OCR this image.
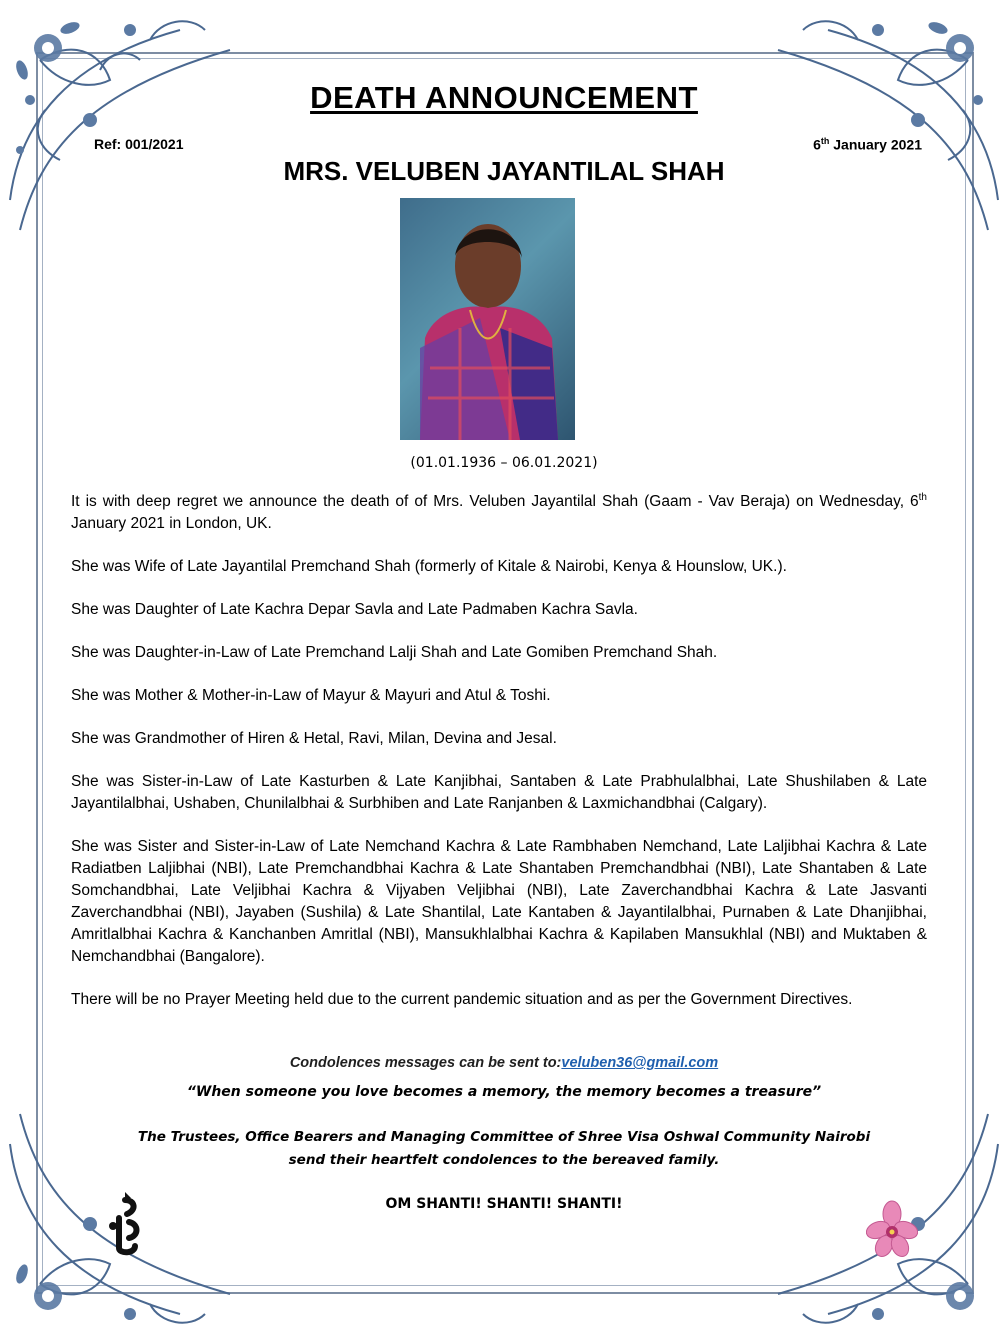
DEATH ANNOUNCEMENT
Ref: 001/2021	6th January 2021
MRS. VELUBEN JAYANTILAL SHAH
(01.01.1936 – 06.01.2021)

It is with deep regret we announce the death of of Mrs. Veluben Jayantilal Shah (Gaam - Vav Beraja) on Wednesday, 6th January 2021 in London, UK.

She was Wife of Late Jayantilal Premchand Shah (formerly of Kitale & Nairobi, Kenya & Hounslow, UK.).

She was Daughter of Late Kachra Depar Savla and Late Padmaben Kachra Savla.

She was Daughter-in-Law of Late Premchand Lalji Shah and Late Gomiben Premchand Shah.

She was Mother & Mother-in-Law of Mayur & Mayuri and Atul & Toshi.

She was Grandmother of Hiren & Hetal, Ravi, Milan, Devina and Jesal.

She was Sister-in-Law of Late Kasturben & Late Kanjibhai, Santaben & Late Prabhulalbhai, Late Shushilaben & Late Jayantilalbhai, Ushaben, Chunilalbhai & Surbhiben and Late Ranjanben & Laxmichandbhai (Calgary).

She was Sister and Sister-in-Law of Late Nemchand Kachra & Late Rambhaben Nemchand, Late Laljibhai Kachra & Late Radiatben Laljibhai (NBI), Late Premchandbhai Kachra & Late Shantaben Premchandbhai (NBI), Late Shantaben & Late Somchandbhai, Late Veljibhai Kachra & Vijyaben Veljibhai (NBI), Late Zaverchandbhai Kachra & Late Jasvanti Zaverchandbhai (NBI), Jayaben (Sushila) & Late Shantilal, Late Kantaben & Jayantilalbhai, Purnaben & Late Dhanjibhai, Amritlalbhai Kachra & Kanchanben Amritlal (NBI), Mansukhlalbhai Kachra & Kapilaben Mansukhlal (NBI) and Muktaben & Nemchandbhai (Bangalore).

There will be no Prayer Meeting held due to the current pandemic situation and as per the Government Directives.

Condolences messages can be sent to:veluben36@gmail.com
“When someone you love becomes a memory, the memory becomes a treasure”
The Trustees, Office Bearers and Managing Committee of Shree Visa Oshwal Community Nairobi
send their heartfelt condolences to the bereaved family.
OM SHANTI! SHANTI! SHANTI!
